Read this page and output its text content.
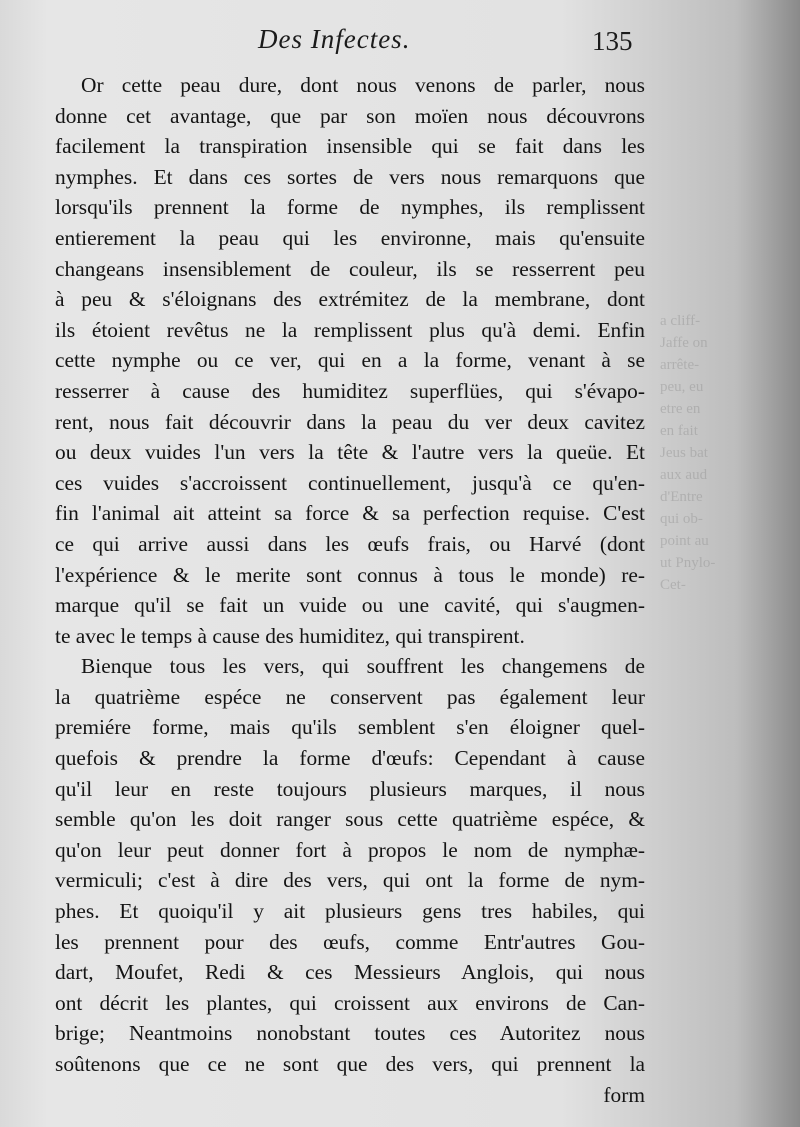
Des Infectes.	135
Or cette peau dure, dont nous venons de parler, nous
donne cet avantage, que par son moïen nous découvrons
facilement la transpiration insensible qui se fait dans les
nymphes. Et dans ces sortes de vers nous remarquons que
lorsqu'ils prennent la forme de nymphes, ils remplissent
entierement la peau qui les environne, mais qu'ensuite
changeans insensiblement de couleur, ils se resserrent peu
à peu & s'éloignans des extrémitez de la membrane, dont
ils étoient revêtus ne la remplissent plus qu'à demi. Enfin
cette nymphe ou ce ver, qui en a la forme, venant à se
resserrer à cause des humiditez superflües, qui s'évapo-
rent, nous fait découvrir dans la peau du ver deux cavitez
ou deux vuides l'un vers la tête & l'autre vers la queüe. Et
ces vuides s'accroissent continuellement, jusqu'à ce qu'en-
fin l'animal ait atteint sa force & sa perfection requise. C'est
ce qui arrive aussi dans les œufs frais, ou Harvé (dont
l'expérience & le merite sont connus à tous le monde) re-
marque qu'il se fait un vuide ou une cavité, qui s'augmen-
te avec le temps à cause des humiditez, qui transpirent.
Bienque tous les vers, qui souffrent les changemens de
la quatrième espéce ne conservent pas également leur
premiére forme, mais qu'ils semblent s'en éloigner quel-
quefois & prendre la forme d'œufs: Cependant à cause
qu'il leur en reste toujours plusieurs marques, il nous
semble qu'on les doit ranger sous cette quatrième espéce, &
qu'on leur peut donner fort à propos le nom de nymphæ-
vermiculi; c'est à dire des vers, qui ont la forme de nym-
phes. Et quoiqu'il y ait plusieurs gens tres habiles, qui
les prennent pour des œufs, comme Entr'autres Gou-
dart, Moufet, Redi & ces Messieurs Anglois, qui nous
ont décrit les plantes, qui croissent aux environs de Can-
brige; Neantmoins nonobstant toutes ces Autoritez nous
soûtenons que ce ne sont que des vers, qui prennent la
form
a cliff-
Jaffe on
arrête-
peu, eu
etre en
en fait
Jeus bat
aux aud
d'Entre
qui ob-
point au
ut Pnylo-
Cet-
